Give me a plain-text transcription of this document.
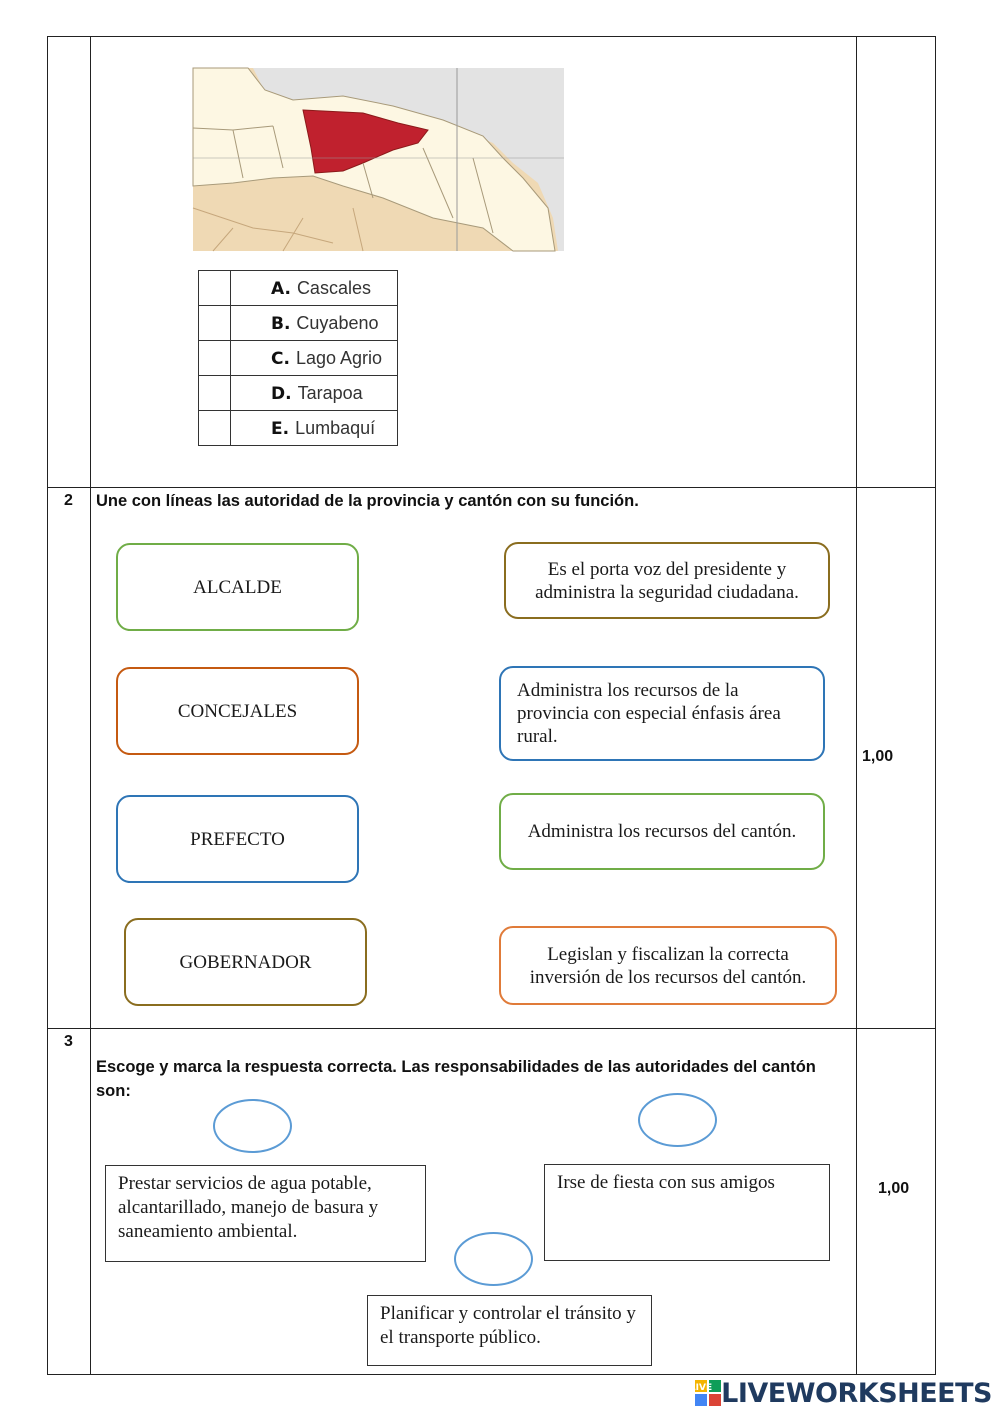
	A. Cascales
	B. Cuyabeno
	C. Lago Agrio
	D. Tarapoa
	E. Lumbaquí
2 Une con líneas las autoridad de la provincia y cantón con su función.
1,00
ALCALDE
CONCEJALES
PREFECTO
GOBERNADOR
Es el porta voz del presidente y administra la seguridad ciudadana.
Administra los recursos de la provincia con especial énfasis área rural.
Administra los recursos del cantón.
Legislan y fiscalizan la correcta inversión de los recursos del cantón.
3
Escoge y marca la respuesta correcta. Las responsabilidades de las autoridades del cantón son:
1,00
Prestar servicios de agua potable, alcantarillado, manejo de basura y saneamiento ambiental.
Irse de fiesta con sus amigos
Planificar y controlar el tránsito y el transporte público.
LIVE LIVEWORKSHEETS
